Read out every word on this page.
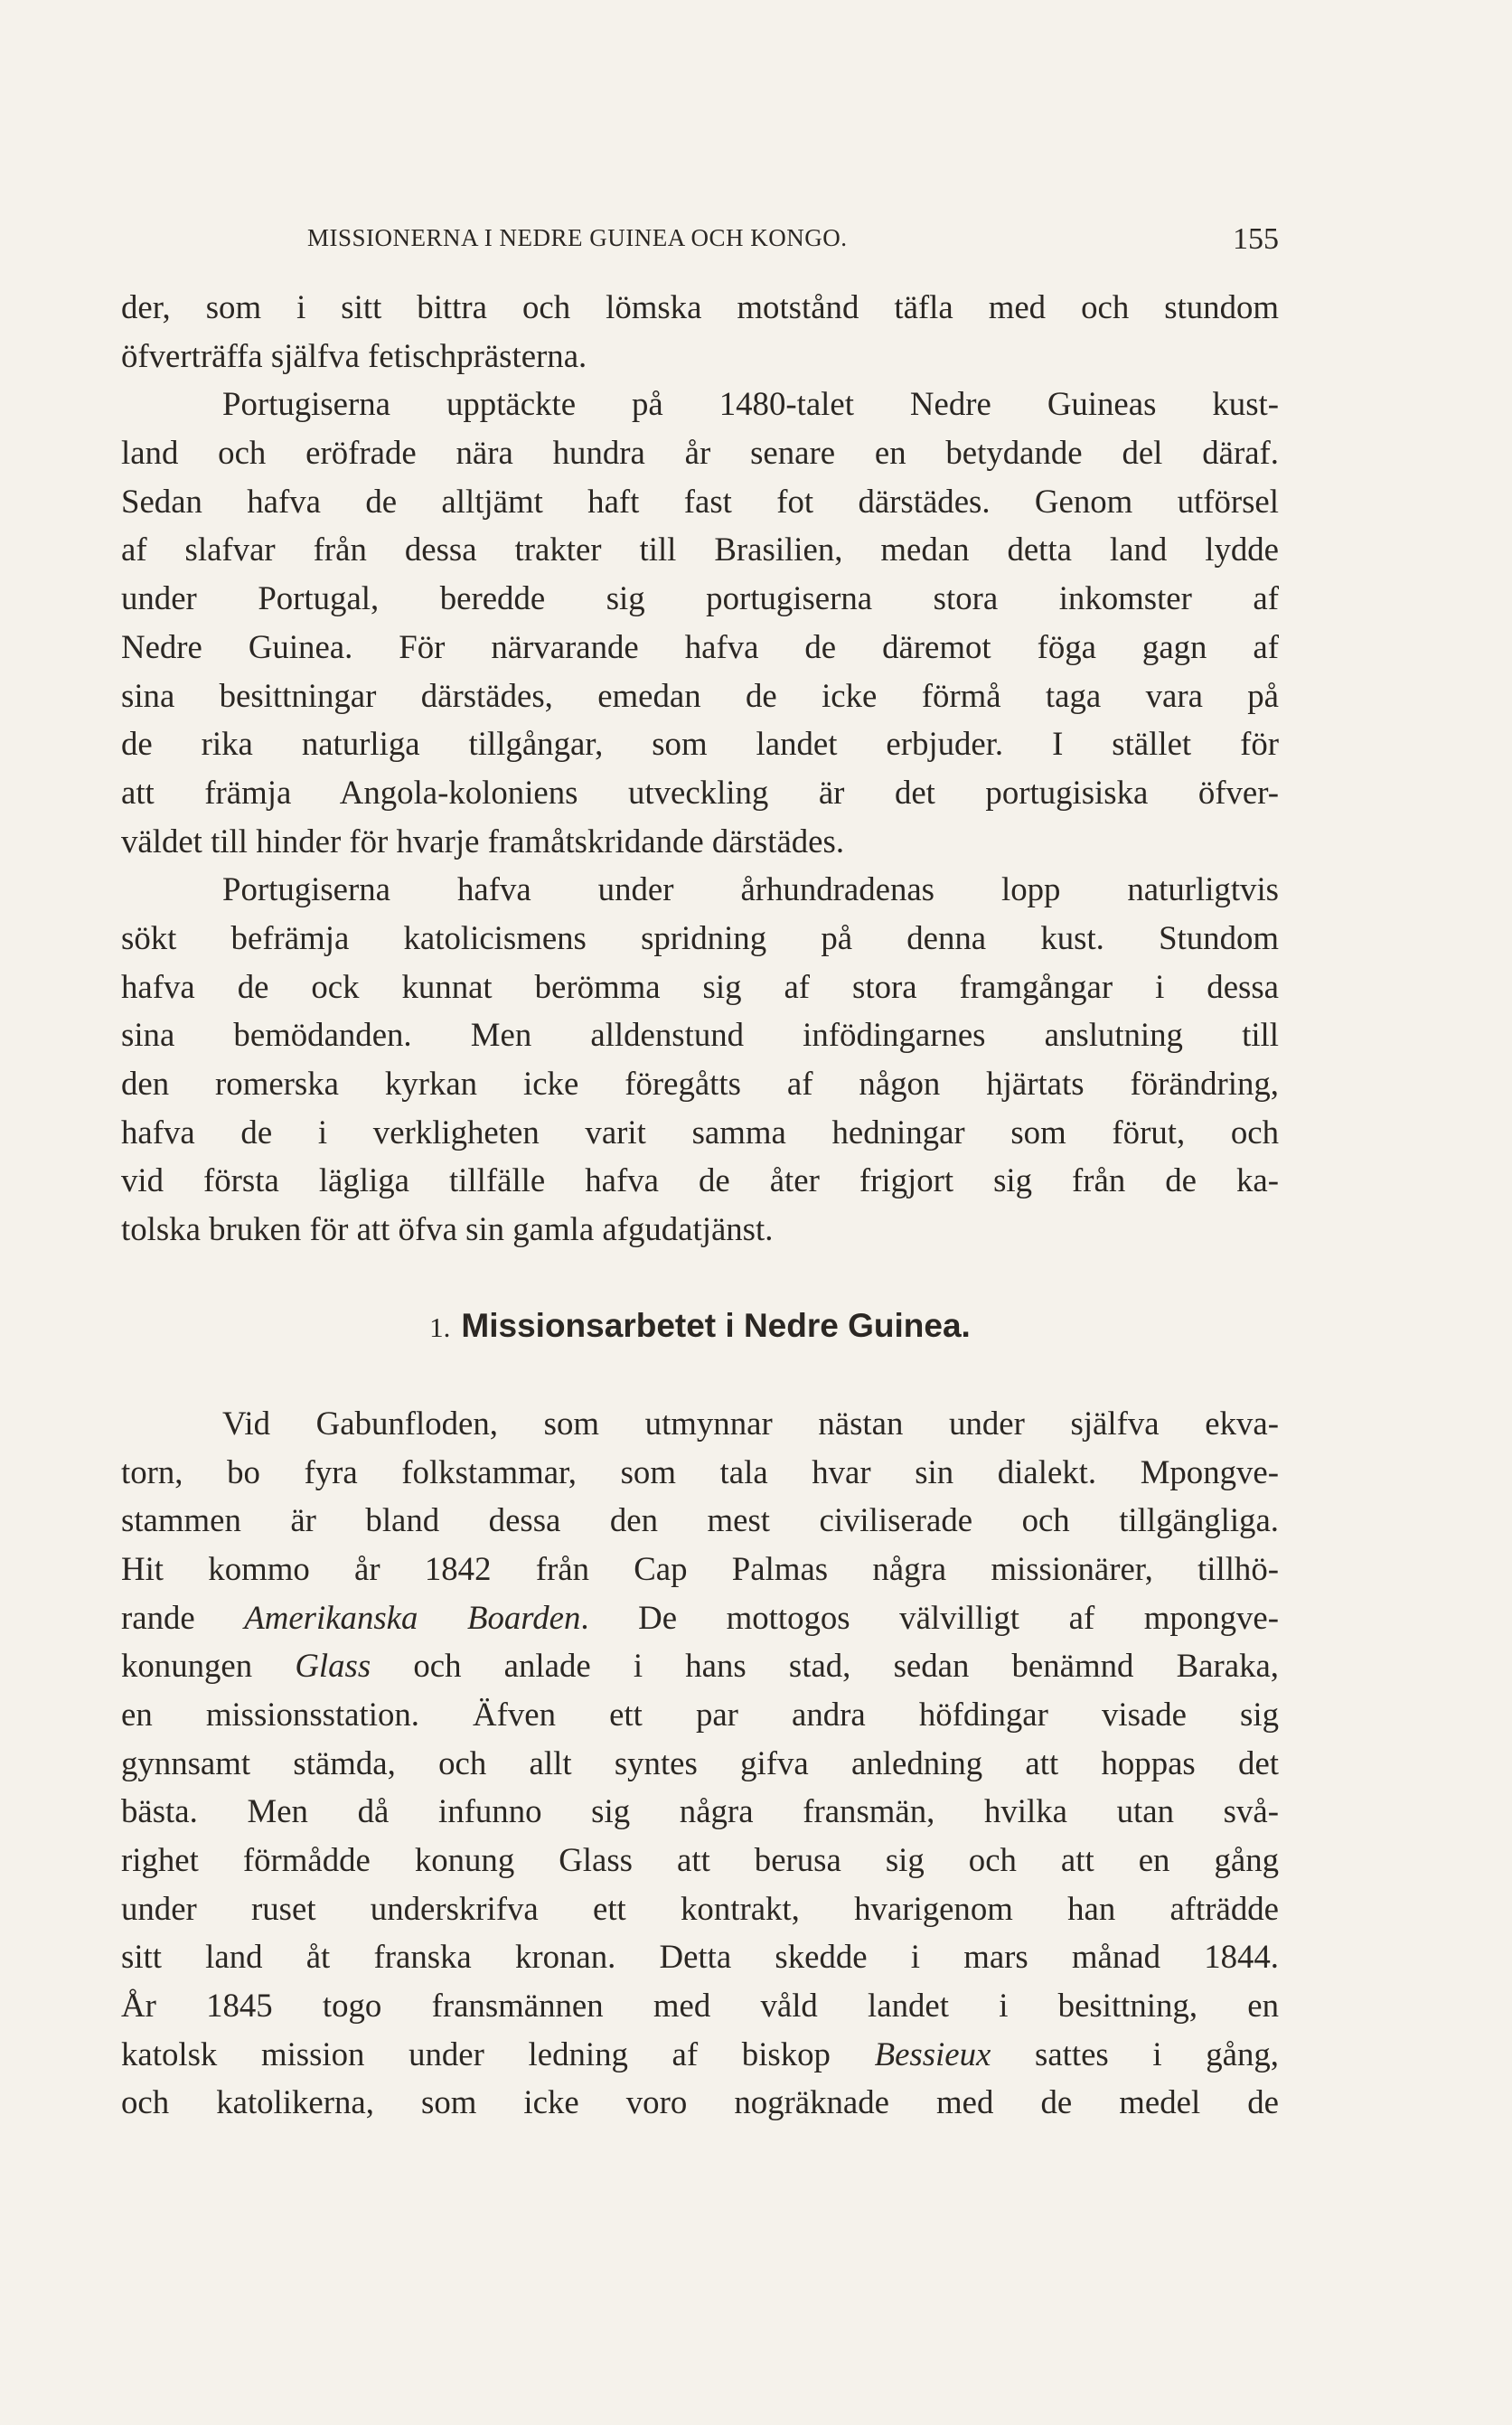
MISSIONERNA I NEDRE GUINEA OCH KONGO.	155
der, som i sitt bittra och lömska motstånd täfla med och stundom
öfverträffa själfva fetischprästerna.
Portugiserna upptäckte på 1480-talet Nedre Guineas kust-
land och eröfrade nära hundra år senare en betydande del däraf.
Sedan hafva de alltjämt haft fast fot därstädes. Genom utförsel
af slafvar från dessa trakter till Brasilien, medan detta land lydde
under Portugal, beredde sig portugiserna stora inkomster af
Nedre Guinea. För närvarande hafva de däremot föga gagn af
sina besittningar därstädes, emedan de icke förmå taga vara på
de rika naturliga tillgångar, som landet erbjuder. I stället för
att främja Angola-koloniens utveckling är det portugisiska öfver-
väldet till hinder för hvarje framåtskridande därstädes.
Portugiserna hafva under århundradenas lopp naturligtvis
sökt befrämja katolicismens spridning på denna kust. Stundom
hafva de ock kunnat berömma sig af stora framgångar i dessa
sina bemödanden. Men alldenstund infödingarnes anslutning till
den romerska kyrkan icke föregåtts af någon hjärtats förändring,
hafva de i verkligheten varit samma hedningar som förut, och
vid första lägliga tillfälle hafva de åter frigjort sig från de ka-
tolska bruken för att öfva sin gamla afgudatjänst.
1. Missionsarbetet i Nedre Guinea.
Vid Gabunfloden, som utmynnar nästan under själfva ekva-
torn, bo fyra folkstammar, som tala hvar sin dialekt. Mpongve-
stammen är bland dessa den mest civiliserade och tillgängliga.
Hit kommo år 1842 från Cap Palmas några missionärer, tillhö-
rande Amerikanska Boarden. De mottogos välvilligt af mpongve-
konungen Glass och anlade i hans stad, sedan benämnd Baraka,
en missionsstation. Äfven ett par andra höfdingar visade sig
gynnsamt stämda, och allt syntes gifva anledning att hoppas det
bästa. Men då infunno sig några fransmän, hvilka utan svå-
righet förmådde konung Glass att berusa sig och att en gång
under ruset underskrifva ett kontrakt, hvarigenom han afträdde
sitt land åt franska kronan. Detta skedde i mars månad 1844.
År 1845 togo fransmännen med våld landet i besittning, en
katolsk mission under ledning af biskop Bessieux sattes i gång,
och katolikerna, som icke voro nogräknade med de medel de
